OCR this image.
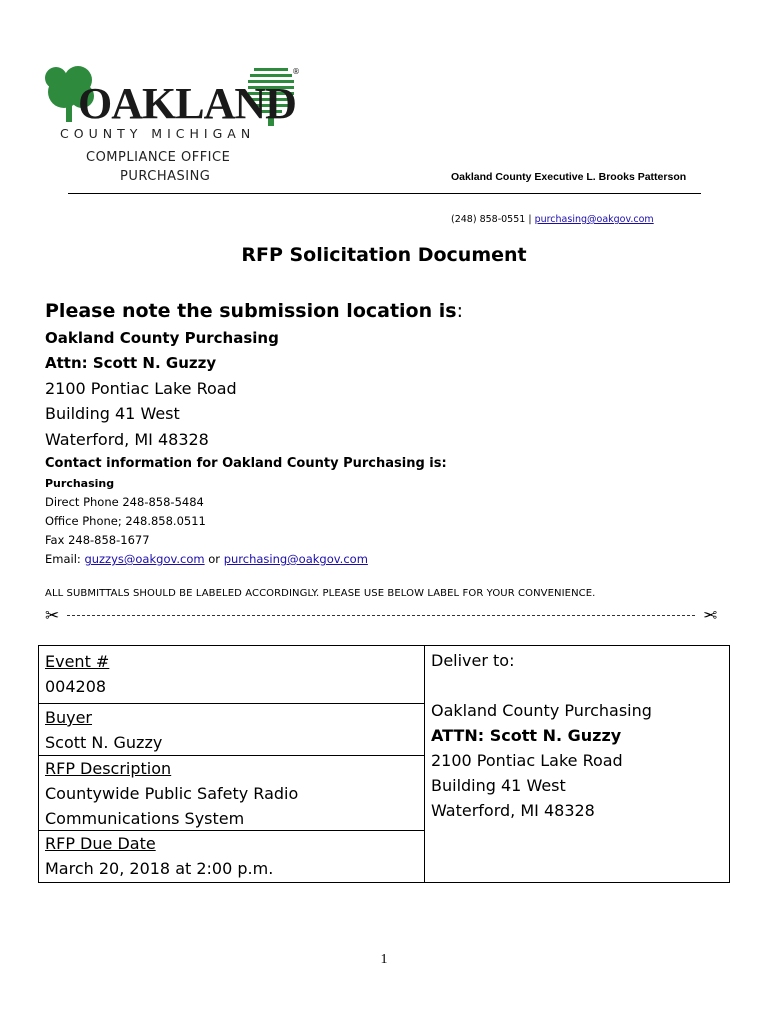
®
OAKLAND
COUNTY MICHIGAN
COMPLIANCE OFFICE
PURCHASING	Oakland County Executive L. Brooks Patterson
(248) 858-0551 | purchasing@oakgov.com
RFP Solicitation Document
Please note the submission location is:
Oakland County Purchasing
Attn: Scott N. Guzzy
2100 Pontiac Lake Road
Building 41 West
Waterford, MI 48328
Contact information for Oakland County Purchasing is:
Purchasing
Direct Phone 248-858-5484
Office Phone; 248.858.0511
Fax 248-858-1677
Email: guzzys@oakgov.com or purchasing@oakgov.com
ALL SUBMITTALS SHOULD BE LABELED ACCORDINGLY. PLEASE USE BELOW LABEL FOR YOUR CONVENIENCE.
✂	✂
Event #
004208
Buyer
Scott N. Guzzy
RFP Description
Countywide Public Safety Radio
Communications System
RFP Due Date
March 20, 2018 at 2:00 p.m.
Deliver to:
Oakland County Purchasing
ATTN: Scott N. Guzzy
2100 Pontiac Lake Road
Building 41 West
Waterford, MI 48328
1
